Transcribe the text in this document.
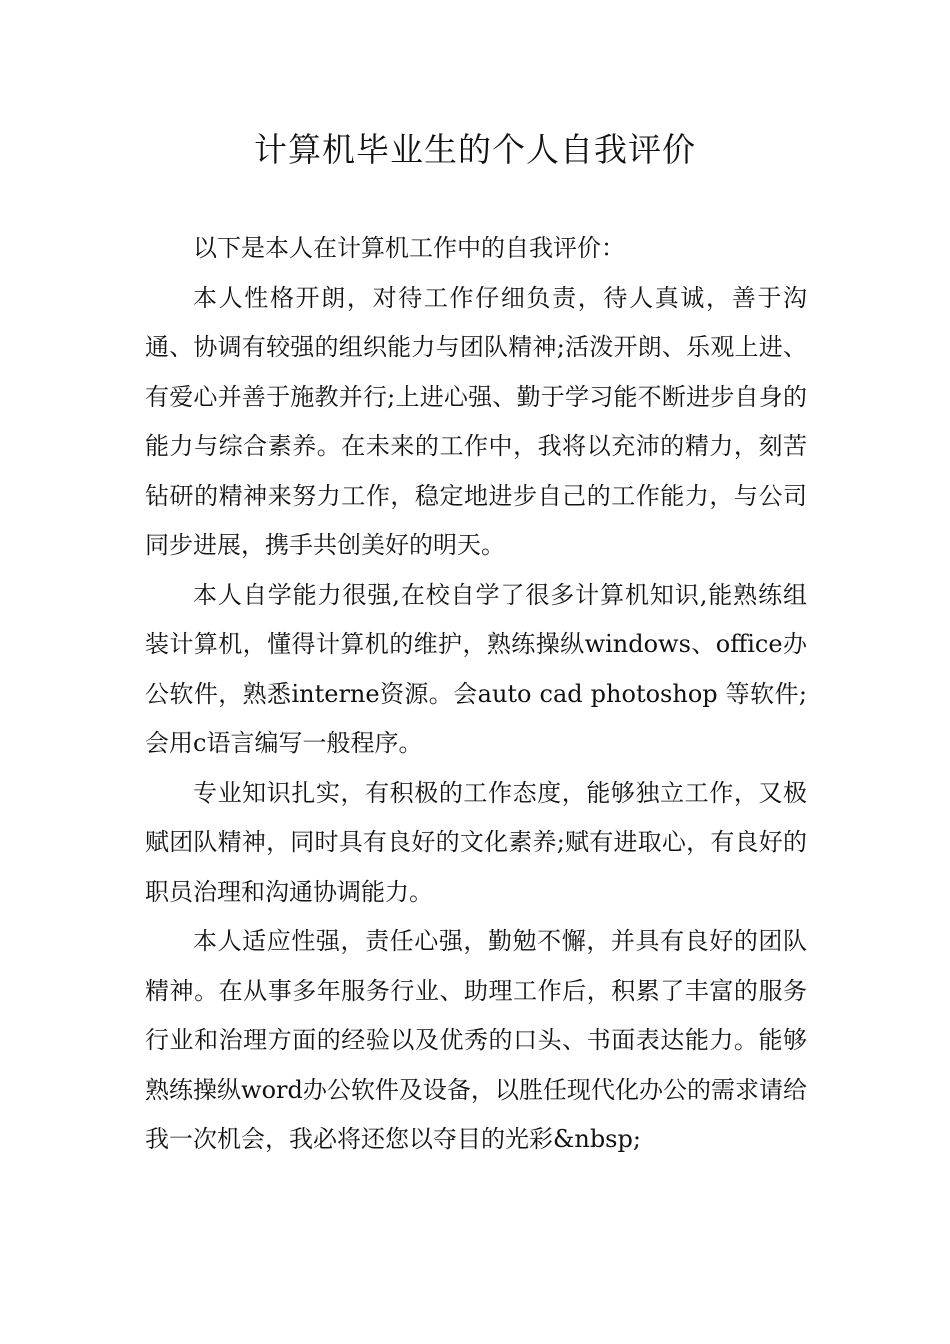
计算机毕业生的个人自我评价

以下是本人在计算机工作中的自我评价：

本人性格开朗，对待工作仔细负责，待人真诚，善于沟通、协调有较强的组织能力与团队精神;活泼开朗、乐观上进、有爱心并善于施教并行;上进心强、勤于学习能不断进步自身的能力与综合素养。在未来的工作中，我将以充沛的精力，刻苦钻研的精神来努力工作，稳定地进步自己的工作能力，与公司同步进展，携手共创美好的明天。

本人自学能力很强,在校自学了很多计算机知识,能熟练组装计算机，懂得计算机的维护，熟练操纵windows、office办公软件，熟悉interne资源。会auto cad photoshop 等软件;会用c语言编写一般程序。

专业知识扎实，有积极的工作态度，能够独立工作，又极赋团队精神，同时具有良好的文化素养;赋有进取心，有良好的职员治理和沟通协调能力。

本人适应性强，责任心强，勤勉不懈，并具有良好的团队精神。在从事多年服务行业、助理工作后，积累了丰富的服务行业和治理方面的经验以及优秀的口头、书面表达能力。能够熟练操纵word办公软件及设备，以胜任现代化办公的需求请给我一次机会，我必将还您以夺目的光彩&nbsp;
